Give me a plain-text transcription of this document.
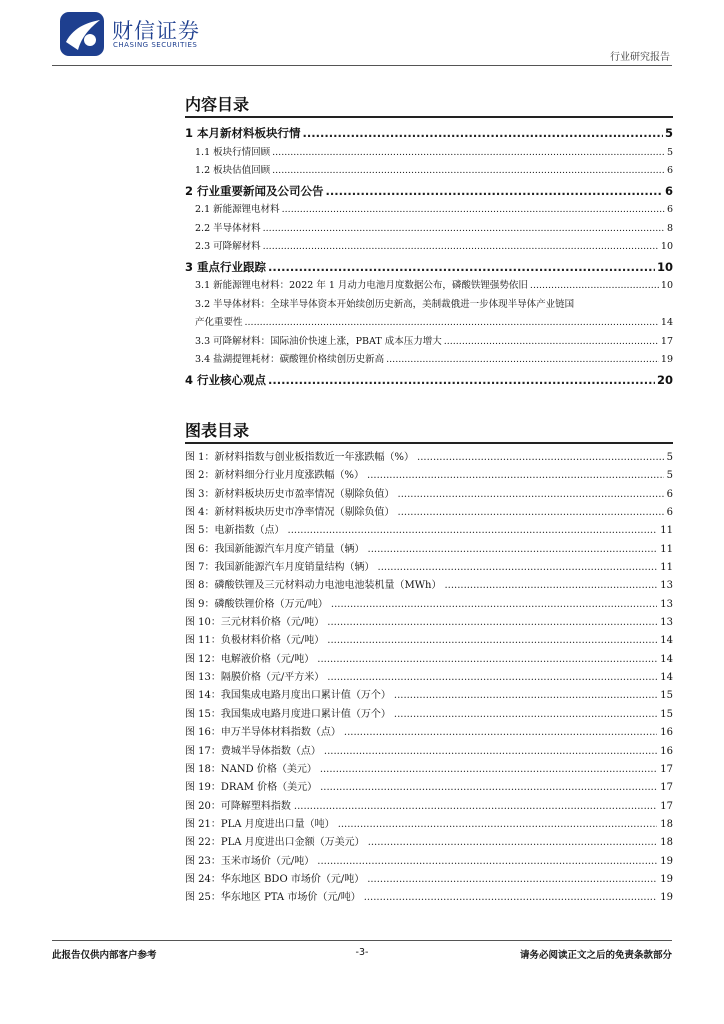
财信证券
CHASING SECURITIES
行业研究报告
内容目录
1 本月新材料板块行情 .....	5
1.1 板块行情回顾 .....	5
1.2 板块估值回顾 .....	6
2 行业重要新闻及公司公告 .....	6
2.1 新能源锂电材料 .....	6
2.2 半导体材料 .....	8
2.3 可降解材料 .....	10
3 重点行业跟踪 .....	10
3.1 新能源锂电材料：2022 年 1 月动力电池月度数据公布，磷酸铁锂强势依旧 .....	10
3.2 半导体材料：全球半导体资本开始续创历史新高，美制裁俄进一步体现半导体产业链国
产化重要性 .....	14
3.3 可降解材料：国际油价快速上涨，PBAT 成本压力增大 .....	17
3.4 盐湖提锂耗材：碳酸锂价格续创历史新高 .....	19
4 行业核心观点 .....	20
图表目录
图 1：新材料指数与创业板指数近一年涨跌幅（%） .....	5
图 2：新材料细分行业月度涨跌幅（%） .....	5
图 3：新材料板块历史市盈率情况（剔除负值） .....	6
图 4：新材料板块历史市净率情况（剔除负值） .....	6
图 5：电新指数（点） .....	11
图 6：我国新能源汽车月度产销量（辆） .....	11
图 7：我国新能源汽车月度销量结构（辆） .....	11
图 8：磷酸铁锂及三元材料动力电池电池装机量（MWh） .....	13
图 9：磷酸铁锂价格（万元/吨） .....	13
图 10：三元材料价格（元/吨） .....	13
图 11：负极材料价格（元/吨） .....	14
图 12：电解液价格（元/吨） .....	14
图 13：隔膜价格（元/平方米） .....	14
图 14：我国集成电路月度出口累计值（万个） .....	15
图 15：我国集成电路月度进口累计值（万个） .....	15
图 16：申万半导体材料指数（点） .....	16
图 17：费城半导体指数（点） .....	16
图 18：NAND 价格（美元） .....	17
图 19：DRAM 价格（美元） .....	17
图 20：可降解塑料指数 .....	17
图 21：PLA 月度进出口量（吨） .....	18
图 22：PLA 月度进出口金额（万美元） .....	18
图 23：玉米市场价（元/吨） .....	19
图 24：华东地区 BDO 市场价（元/吨） .....	19
图 25：华东地区 PTA 市场价（元/吨） .....	19
此报告仅供内部客户参考	-3-	请务必阅读正文之后的免责条款部分
